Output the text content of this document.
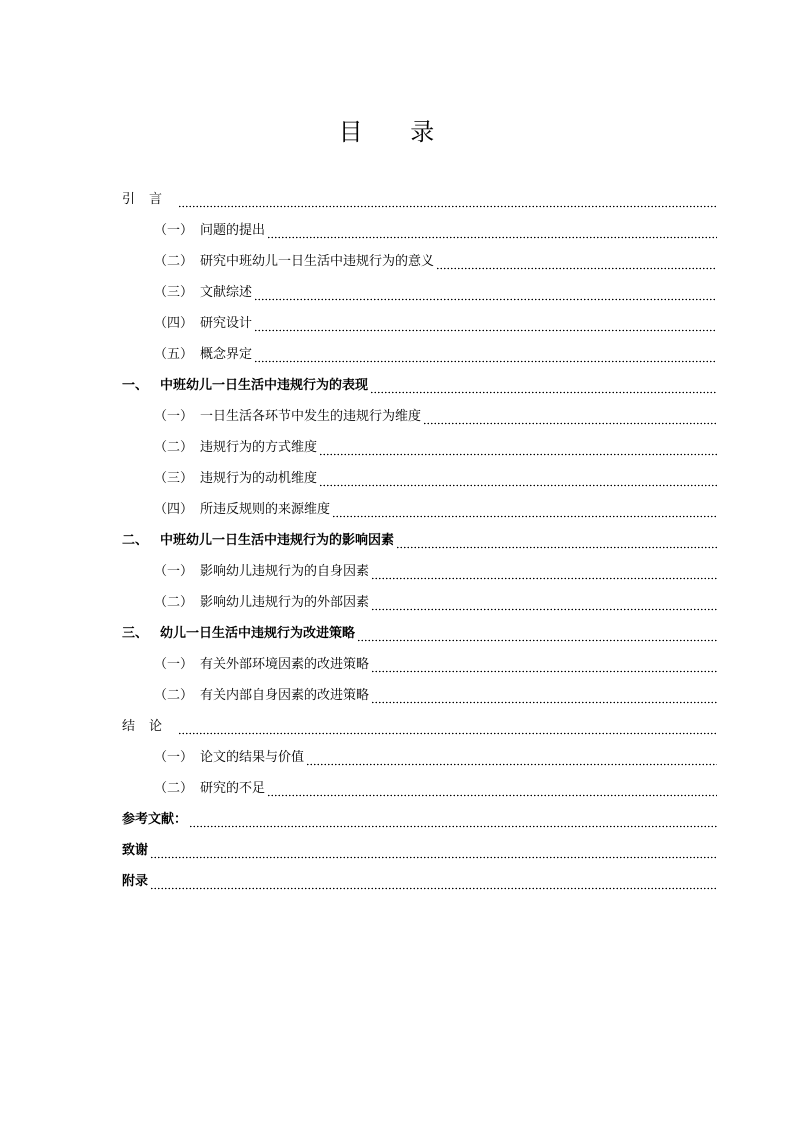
目 录
引言
（一） 问题的提出
（二） 研究中班幼儿一日生活中违规行为的意义
（三） 文献综述
（四） 研究设计
（五） 概念界定
一、 中班幼儿一日生活中违规行为的表现
（一） 一日生活各环节中发生的违规行为维度
（二） 违规行为的方式维度
（三） 违规行为的动机维度
（四） 所违反规则的来源维度
二、 中班幼儿一日生活中违规行为的影响因素
（一） 影响幼儿违规行为的自身因素
（二） 影响幼儿违规行为的外部因素
三、 幼儿一日生活中违规行为改进策略
（一） 有关外部环境因素的改进策略
（二） 有关内部自身因素的改进策略
结论
（一） 论文的结果与价值
（二） 研究的不足
参考文献：
致谢
附录
